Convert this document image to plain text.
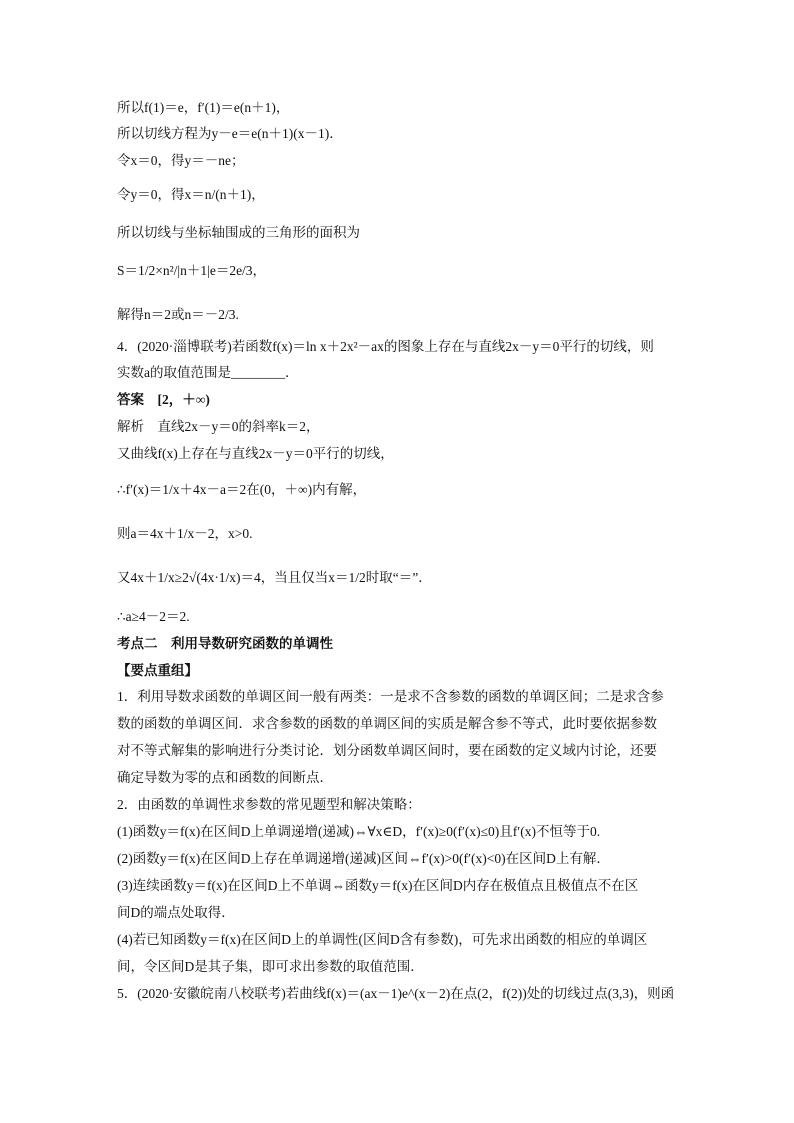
所以f(1)＝e，f′(1)＝e(n＋1)，
所以切线方程为y－e＝e(n＋1)(x－1)．
令x＝0，得y＝－ne；
令y＝0，得x＝n/(n＋1)，
所以切线与坐标轴围成的三角形的面积为
S＝1/2×n²/|n＋1|e＝2e/3，
解得n＝2或n＝－2/3.
4．(2020·淄博联考)若函数f(x)＝ln x＋2x²－ax的图象上存在与直线2x－y＝0平行的切线，则
实数a的取值范围是________．
答案　[2，＋∞)
解析　直线2x－y＝0的斜率k＝2，
又曲线f(x)上存在与直线2x－y＝0平行的切线，
∴f′(x)＝1/x＋4x－a＝2在(0，＋∞)内有解，
则a＝4x＋1/x－2，x>0.
又4x＋1/x≥2√(4x·1/x)＝4，当且仅当x＝1/2时取“＝”．
∴a≥4－2＝2.
考点二　利用导数研究函数的单调性
【要点重组】
1．利用导数求函数的单调区间一般有两类：一是求不含参数的函数的单调区间；二是求含参
数的函数的单调区间．求含参数的函数的单调区间的实质是解含参不等式，此时要依据参数
对不等式解集的影响进行分类讨论．划分函数单调区间时，要在函数的定义域内讨论，还要
确定导数为零的点和函数的间断点．
2．由函数的单调性求参数的常见题型和解决策略：
(1)函数y＝f(x)在区间D上单调递增(递减)⇔∀x∈D，f′(x)≥0(f′(x)≤0)且f′(x)不恒等于0.
(2)函数y＝f(x)在区间D上存在单调递增(递减)区间⇔f′(x)>0(f′(x)<0)在区间D上有解．
(3)连续函数y＝f(x)在区间D上不单调⇔函数y＝f(x)在区间D内存在极值点且极值点不在区
间D的端点处取得．
(4)若已知函数y＝f(x)在区间D上的单调性(区间D含有参数)，可先求出函数的相应的单调区
间，令区间D是其子集，即可求出参数的取值范围．
5．(2020·安徽皖南八校联考)若曲线f(x)＝(ax－1)e^(x－2)在点(2，f(2))处的切线过点(3,3)，则函
